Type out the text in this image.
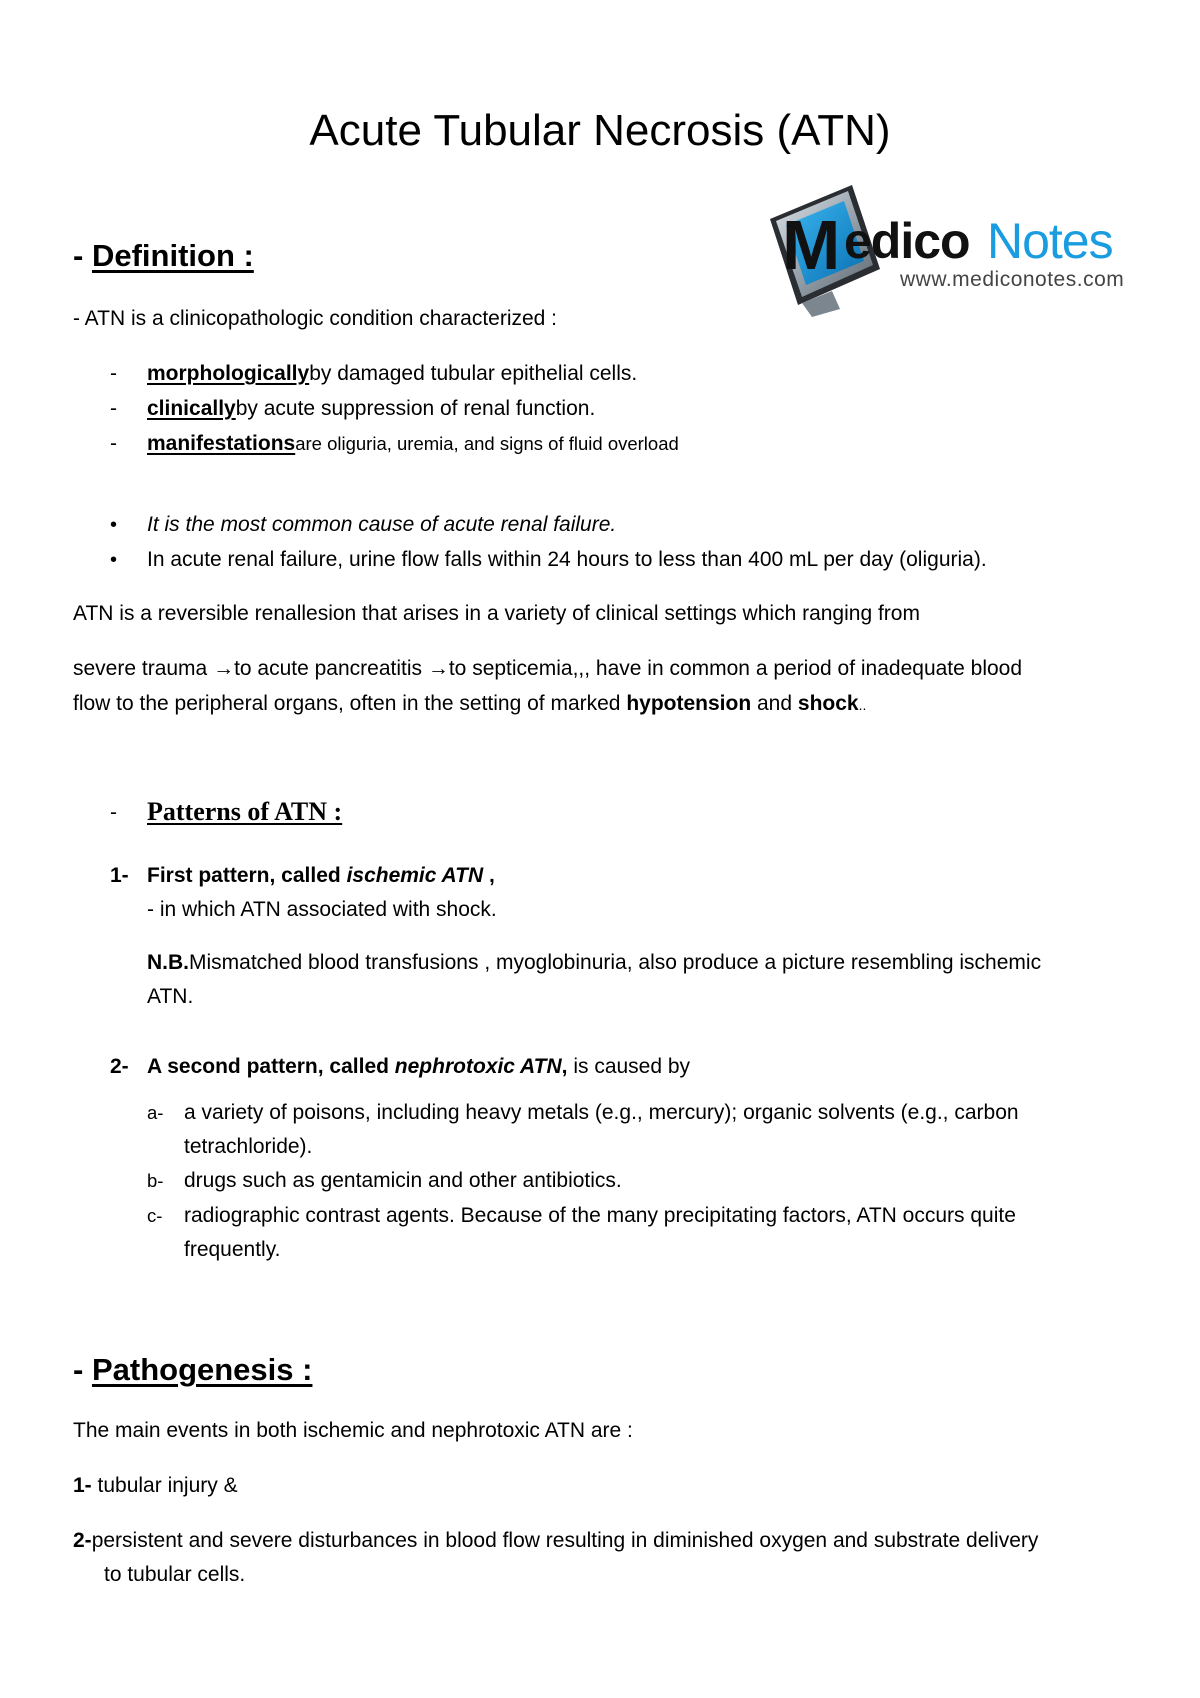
Acute Tubular Necrosis (ATN)
M edico Notes
www.mediconotes.com
- Definition :
- ATN is a clinicopathologic condition characterized :
- morphologicallyby damaged tubular epithelial cells.
- clinicallyby acute suppression of renal function.
- manifestationsare oliguria, uremia, and signs of fluid overload
• It is the most common cause of acute renal failure.
• In acute renal failure, urine flow falls within 24 hours to less than 400 mL per day (oliguria).
ATN is a reversible renallesion that arises in a variety of clinical settings which ranging from
severe trauma →to acute pancreatitis →to septicemia,,, have in common a period of inadequate blood
flow to the peripheral organs, often in the setting of marked hypotension and shock..
- Patterns of ATN :
1- First pattern, called ischemic ATN ,
- in which ATN associated with shock.
N.B.Mismatched blood transfusions , myoglobinuria, also produce a picture resembling ischemic
ATN.
2- A second pattern, called nephrotoxic ATN, is caused by
a- a variety of poisons, including heavy metals (e.g., mercury); organic solvents (e.g., carbon
tetrachloride).
b- drugs such as gentamicin and other antibiotics.
c- radiographic contrast agents. Because of the many precipitating factors, ATN occurs quite
frequently.
- Pathogenesis :
The main events in both ischemic and nephrotoxic ATN are :
1- tubular injury &
2-persistent and severe disturbances in blood flow resulting in diminished oxygen and substrate delivery
to tubular cells.
